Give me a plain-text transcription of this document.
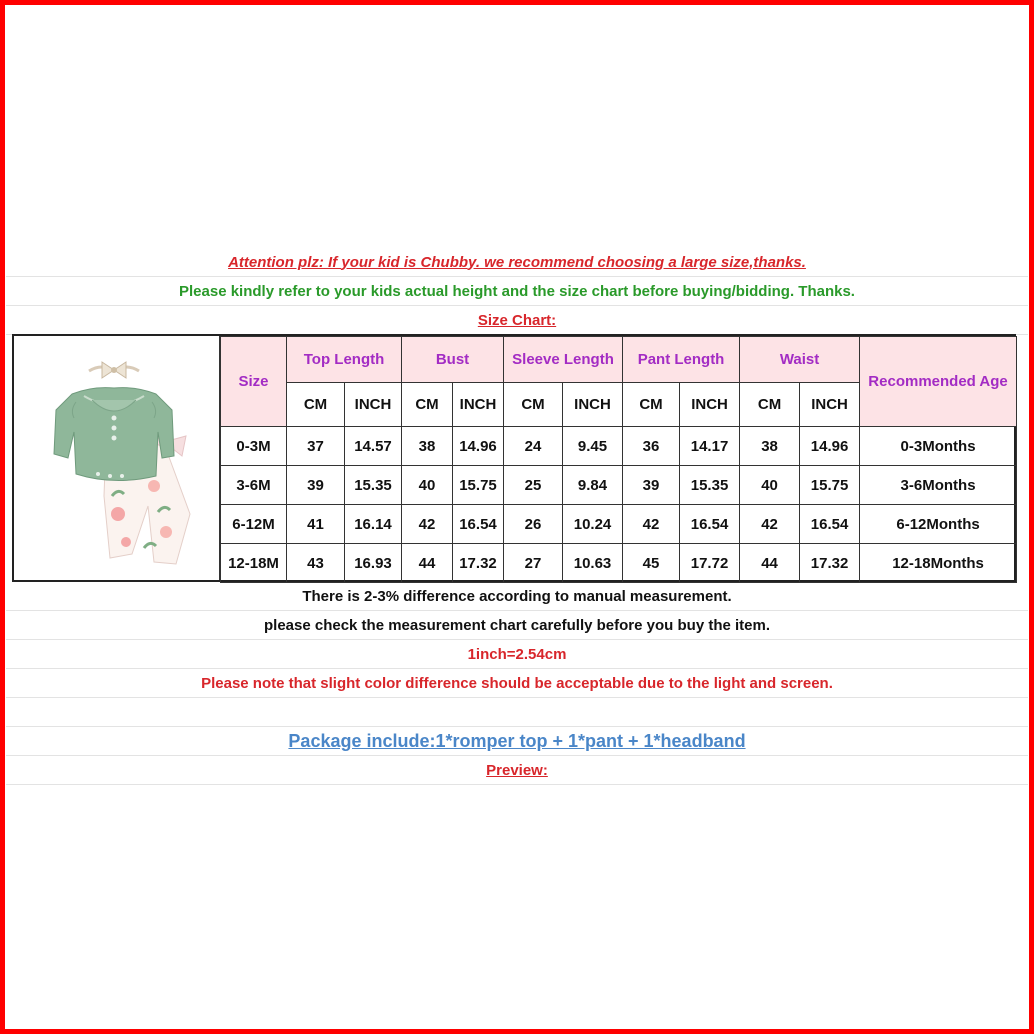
Attention plz: If your kid is Chubby. we recommend choosing a large size,thanks.
Please kindly refer to your kids actual height and the size chart before buying/bidding. Thanks.
Size Chart:
Size	Top Length		Bust		Sleeve Length		Pant Length		Waist		Recommended Age
	CM	INCH	CM	INCH	CM	INCH	CM	INCH	CM	INCH	
0-3M	37	14.57	38	14.96	24	9.45	36	14.17	38	14.96	0-3Months
3-6M	39	15.35	40	15.75	25	9.84	39	15.35	40	15.75	3-6Months
6-12M	41	16.14	42	16.54	26	10.24	42	16.54	42	16.54	6-12Months
12-18M	43	16.93	44	17.32	27	10.63	45	17.72	44	17.32	12-18Months
There is 2-3% difference according to manual measurement.
please check the measurement chart carefully before you buy the item.
1inch=2.54cm
Please note that slight color difference should be acceptable due to the light and screen.
Package include:1*romper top + 1*pant + 1*headband
Preview:
